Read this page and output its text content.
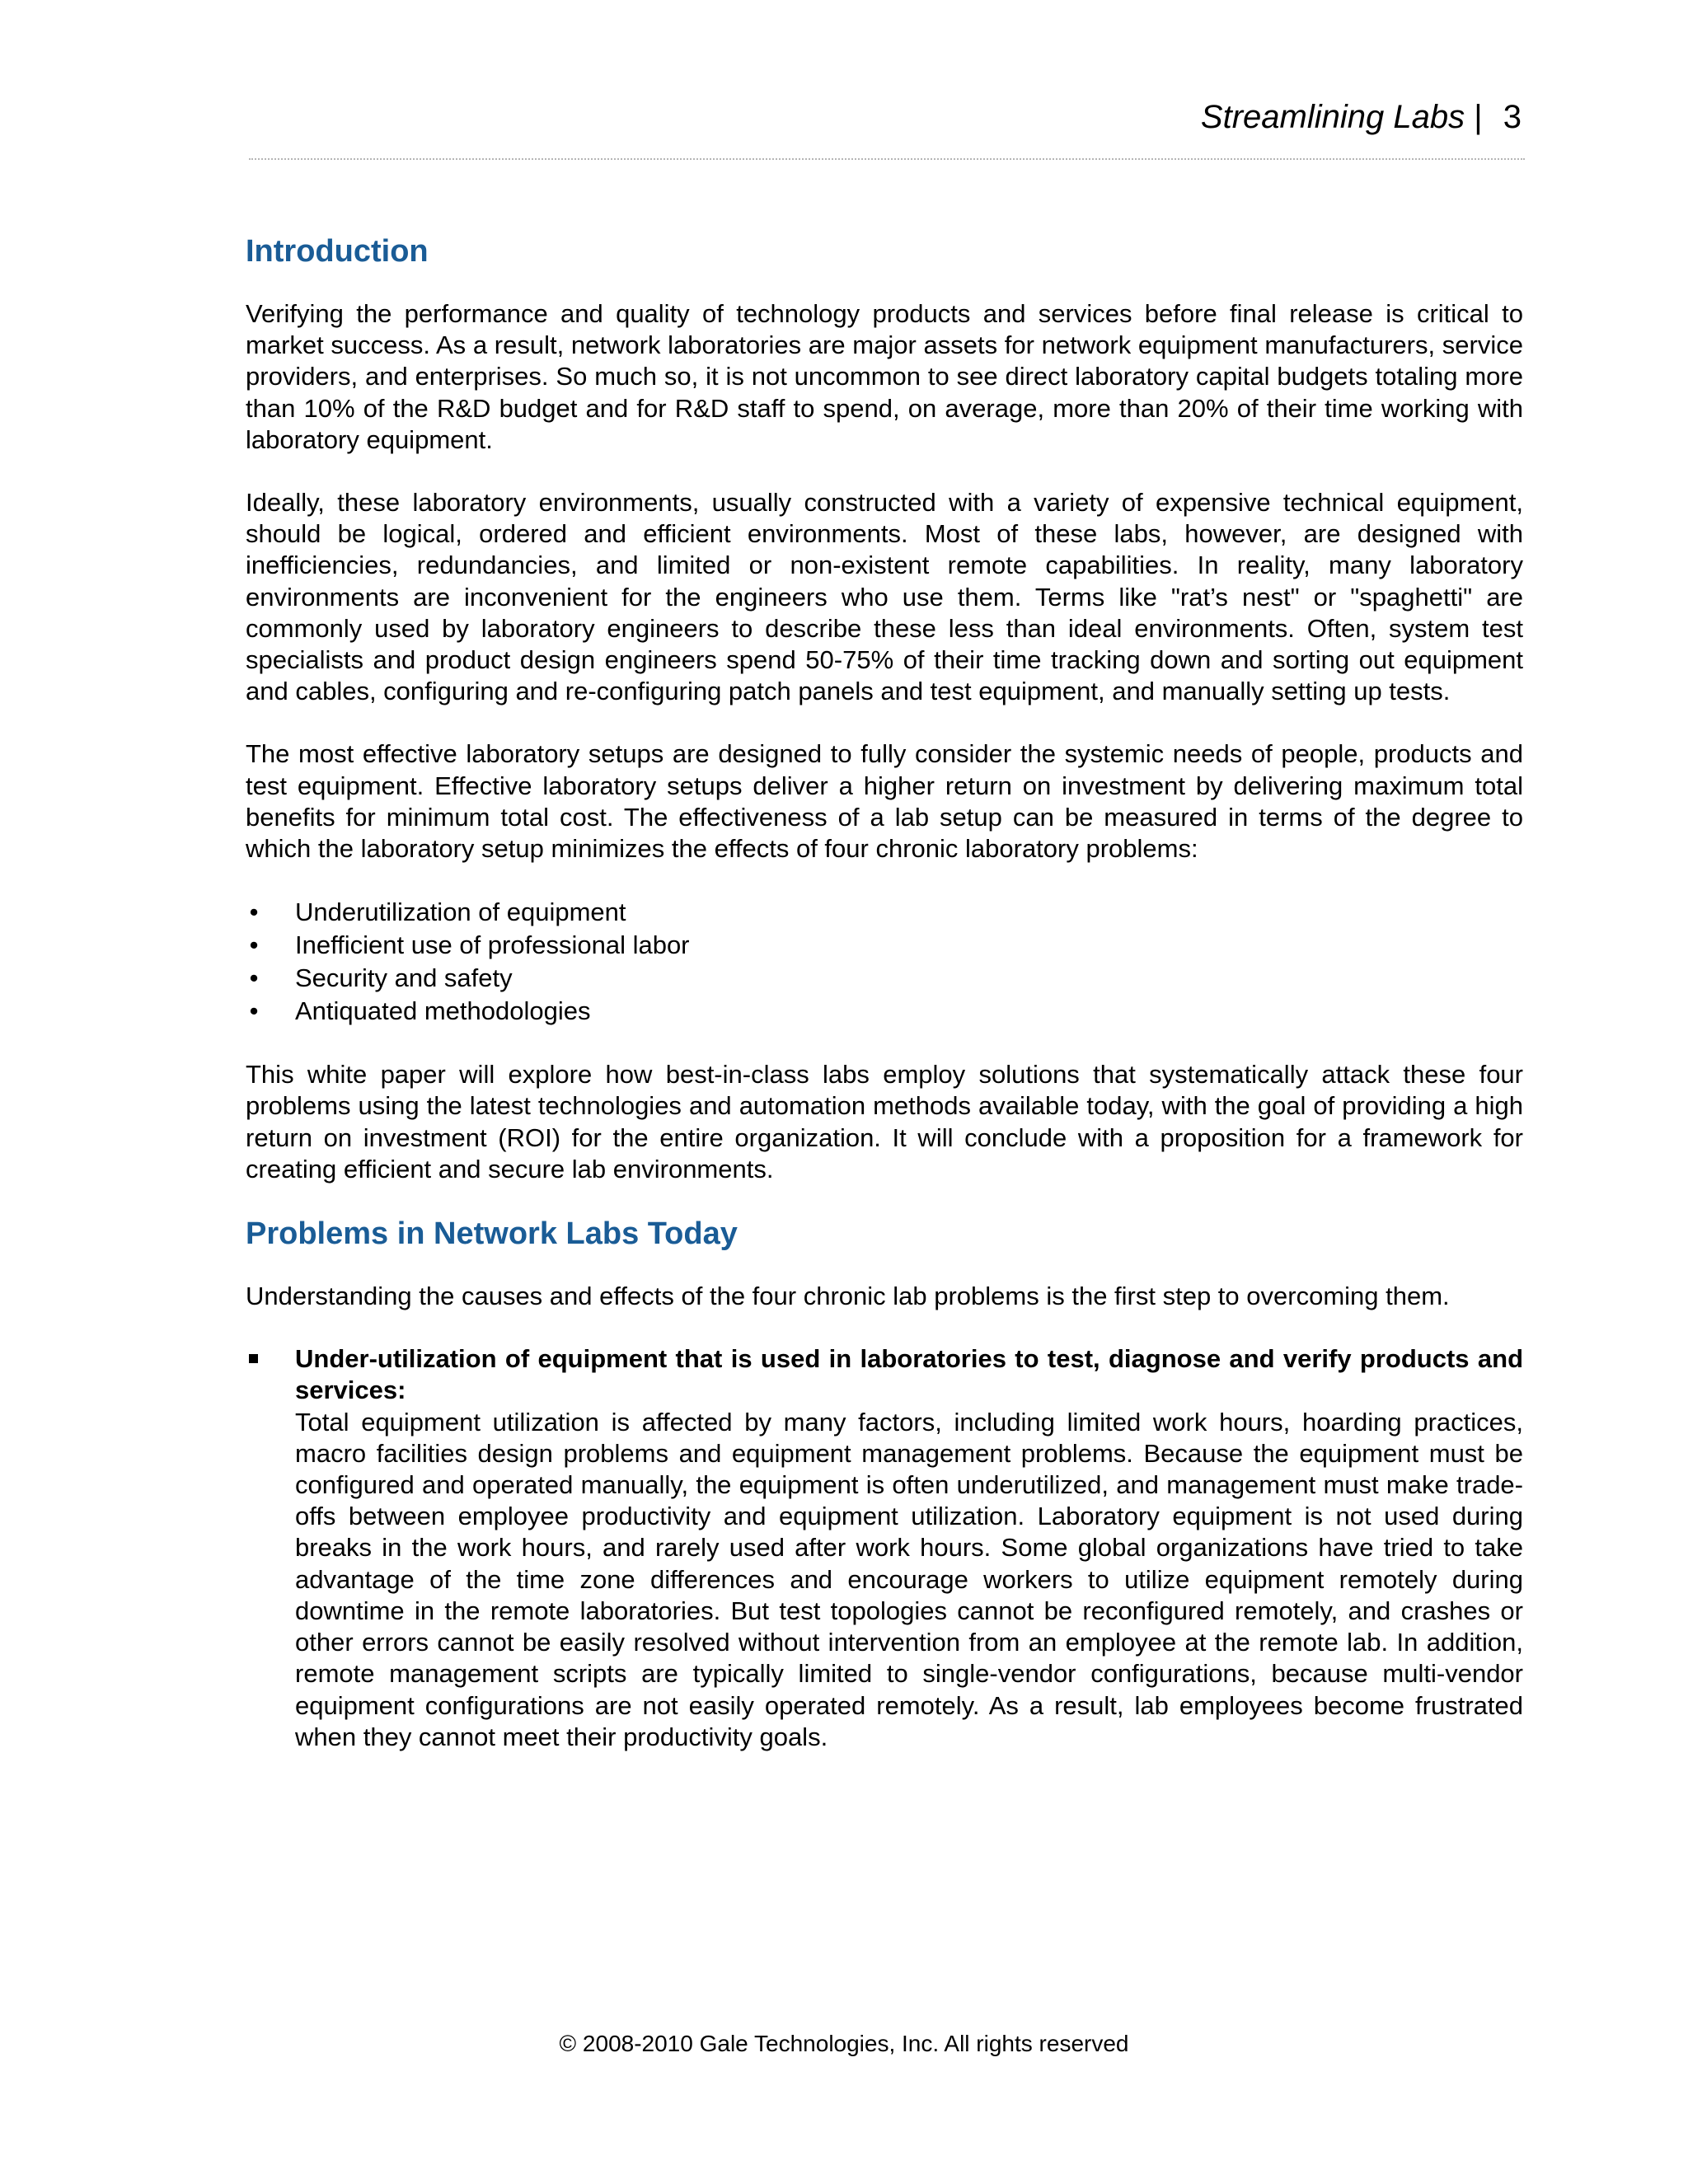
Streamlining Labs | 3
Introduction

Verifying the performance and quality of technology products and services before final release is critical to market success. As a result, network laboratories are major assets for network equipment manufacturers, service providers, and enterprises. So much so, it is not uncommon to see direct laboratory capital budgets totaling more than 10% of the R&D budget and for R&D staff to spend, on average, more than 20% of their time working with laboratory equipment.

Ideally, these laboratory environments, usually constructed with a variety of expensive technical equipment, should be logical, ordered and efficient environments. Most of these labs, however, are designed with inefficiencies, redundancies, and limited or non-existent remote capabilities. In reality, many laboratory environments are inconvenient for the engineers who use them. Terms like "rat’s nest" or "spaghetti" are commonly used by laboratory engineers to describe these less than ideal environments. Often, system test specialists and product design engineers spend 50-75% of their time tracking down and sorting out equipment and cables, configuring and re-configuring patch panels and test equipment, and manually setting up tests.

The most effective laboratory setups are designed to fully consider the systemic needs of people, products and test equipment. Effective laboratory setups deliver a higher return on investment by delivering maximum total benefits for minimum total cost. The effectiveness of a lab setup can be measured in terms of the degree to which the laboratory setup minimizes the effects of four chronic laboratory problems:

• Underutilization of equipment
• Inefficient use of professional labor
• Security and safety
• Antiquated methodologies

This white paper will explore how best-in-class labs employ solutions that systematically attack these four problems using the latest technologies and automation methods available today, with the goal of providing a high return on investment (ROI) for the entire organization. It will conclude with a proposition for a framework for creating efficient and secure lab environments.

Problems in Network Labs Today

Understanding the causes and effects of the four chronic lab problems is the first step to overcoming them.

Under-utilization of equipment that is used in laboratories to test, diagnose and verify products and services:

Total equipment utilization is affected by many factors, including limited work hours, hoarding practices, macro facilities design problems and equipment management problems. Because the equipment must be configured and operated manually, the equipment is often underutilized, and management must make trade-offs between employee productivity and equipment utilization. Laboratory equipment is not used during breaks in the work hours, and rarely used after work hours. Some global organizations have tried to take advantage of the time zone differences and encourage workers to utilize equipment remotely during downtime in the remote laboratories. But test topologies cannot be reconfigured remotely, and crashes or other errors cannot be easily resolved without intervention from an employee at the remote lab. In addition, remote management scripts are typically limited to single-vendor configurations, because multi-vendor equipment configurations are not easily operated remotely. As a result, lab employees become frustrated when they cannot meet their productivity goals.

© 2008-2010 Gale Technologies, Inc. All rights reserved
